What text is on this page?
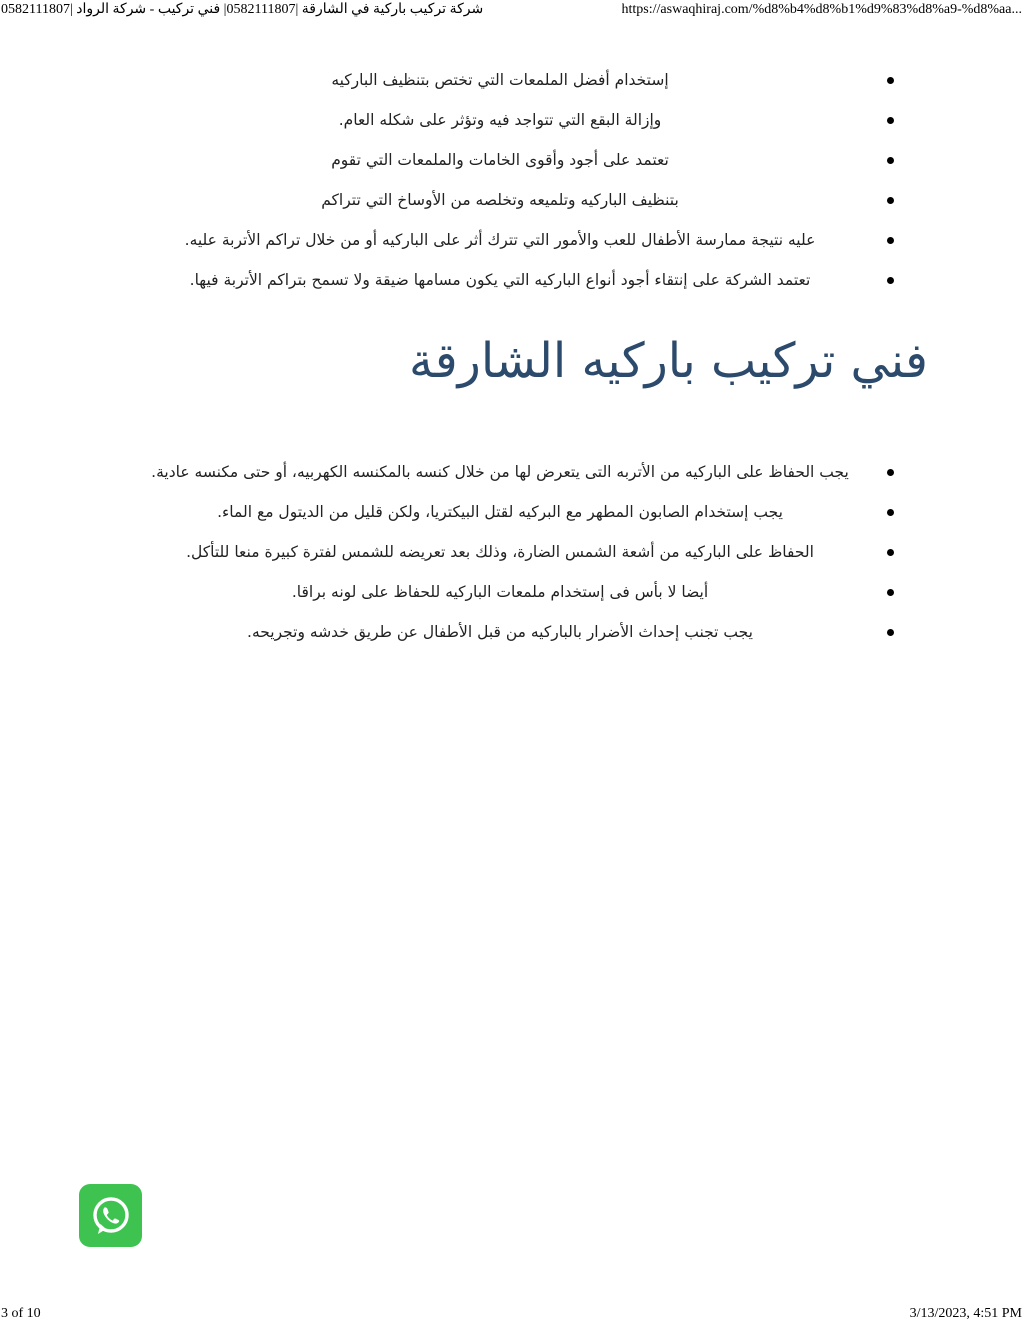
شركة تركيب باركية في الشارقة |0582111807| فني تركيب - شركة الرواد |0582111807	https://aswaqhiraj.com/%d8%b4%d8%b1%d9%83%d8%a9-%d8%aa...
إستخدام أفضل الملمعات التي تختص بتنظيف الباركيه
وإزالة البقع التي تتواجد فيه وتؤثر على شكله العام.
تعتمد على أجود وأقوى الخامات والملمعات التي تقوم
بتنظيف الباركيه وتلميعه وتخلصه من الأوساخ التي تتراكم
عليه نتيجة ممارسة الأطفال للعب والأمور التي تترك أثر على الباركيه أو من خلال تراكم الأتربة عليه.
تعتمد الشركة على إنتقاء أجود أنواع الباركيه التي يكون مسامها ضيقة ولا تسمح بتراكم الأتربة فيها.
فني تركيب باركيه الشارقة
يجب الحفاظ على الباركيه من الأتربه التى يتعرض لها من خلال كنسه بالمكنسه الكهربيه، أو حتى مكنسه عادية.
يجب إستخدام الصابون المطهر مع البركيه لقتل البيكتريا، ولكن قليل من الديتول مع الماء.
الحفاظ على الباركيه من أشعة الشمس الضارة، وذلك بعد تعريضه للشمس لفترة كبيرة منعا للتأكل.
أيضا لا بأس فى إستخدام ملمعات الباركيه للحفاظ على لونه براقا.
يجب تجنب إحداث الأضرار بالباركيه من قبل الأطفال عن طريق خدشه وتجريحه.
3 of 10	3/13/2023, 4:51 PM
